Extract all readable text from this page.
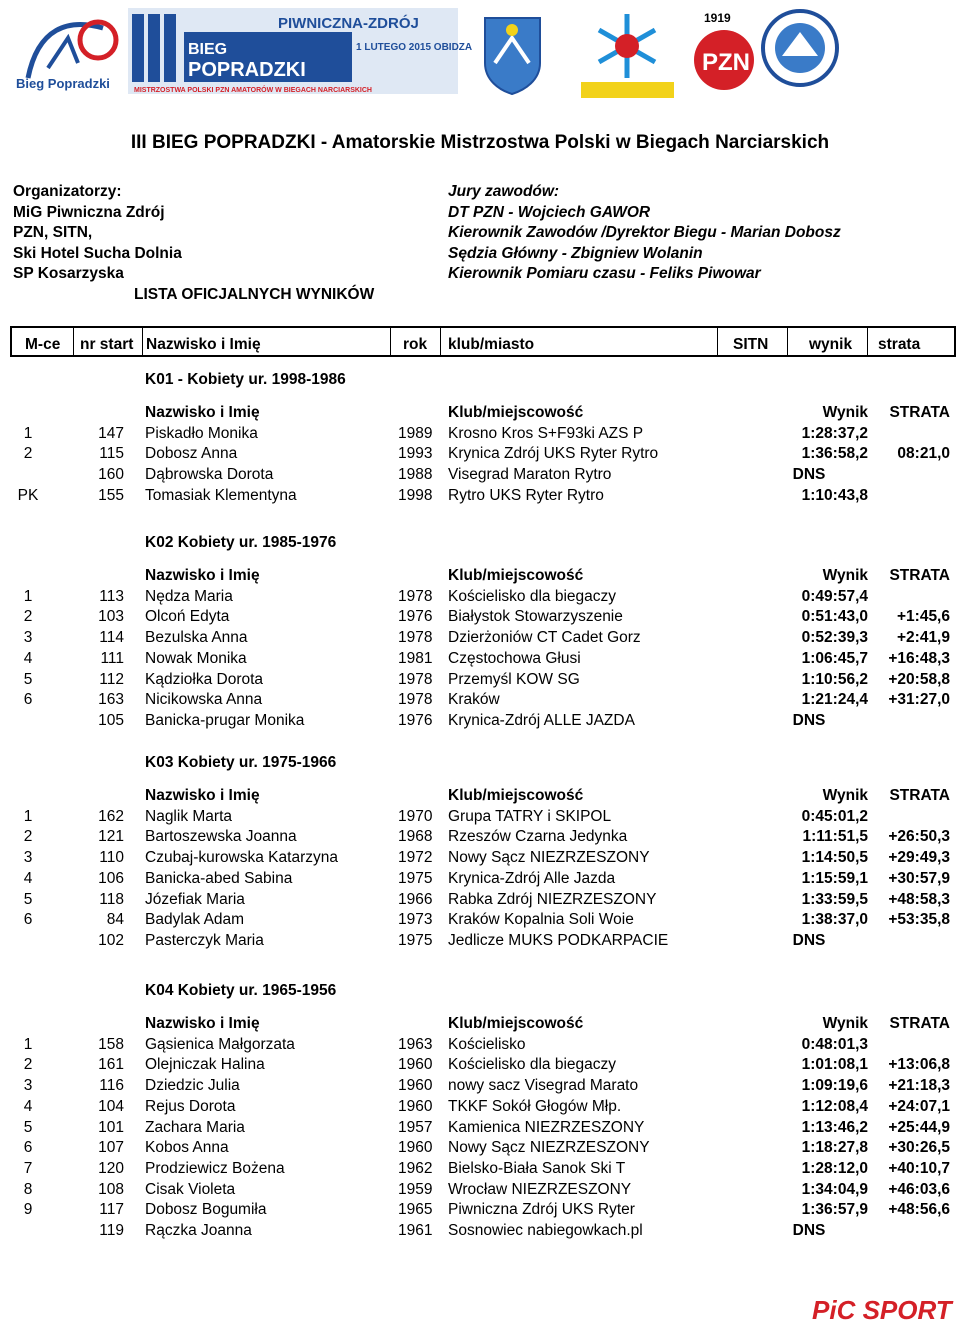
Bieg Popradzki
BIEG
POPRADZKI
PIWNICZNA-ZDRÓJ
1 LUTEGO 2015 OBIDZA
MISTRZOSTWA POLSKI PZN AMATORÓW W BIEGACH NARCIARSKICH
1919
PZN
III BIEG POPRADZKI - Amatorskie Mistrzostwa Polski w Biegach Narciarskich
Organizatorzy:
MiG Piwniczna Zdrój
PZN, SITN,
Ski Hotel Sucha Dolnia
SP Kosarzyska
Jury zawodów:
DT PZN - Wojciech GAWOR
Kierownik Zawodów /Dyrektor Biegu - Marian Dobosz
Sędzia Główny - Zbigniew Wolanin
Kierownik Pomiaru czasu - Feliks Piwowar
LISTA OFICJALNYCH WYNIKÓW
M-ce nr start Nazwisko i Imię	rok klub/miasto	SITN	wynik strata
K01 - Kobiety ur. 1998-1986
Nazwisko i Imię	Klub/miejscowość	Wynik	STRATA
1	147 Piskadło Monika	1989 Krosno Kros S+F93ki AZS P	1:28:37,2
2	115 Dobosz Anna	1993 Krynica Zdrój UKS Ryter Rytro	1:36:58,2	08:21,0
160 Dąbrowska Dorota	1988 Visegrad Maraton Rytro	DNS
PK	155 Tomasiak Klementyna	1998 Rytro UKS Ryter Rytro	1:10:43,8
K02 Kobiety ur. 1985-1976
Nazwisko i Imię	Klub/miejscowość	Wynik	STRATA
1	113 Nędza Maria	1978 Kościelisko dla biegaczy	0:49:57,4
2	103 Olcoń Edyta	1976 Białystok Stowarzyszenie	0:51:43,0	+1:45,6
3	114 Bezulska Anna	1978 Dzierżoniów CT Cadet Gorz	0:52:39,3	+2:41,9
4	111 Nowak Monika	1981 Częstochowa Głusi	1:06:45,7	+16:48,3
5	112 Kądziołka Dorota	1978 Przemyśl KOW SG	1:10:56,2	+20:58,8
6	163 Nicikowska Anna	1978 Kraków	1:21:24,4	+31:27,0
105 Banicka-prugar Monika	1976 Krynica-Zdrój ALLE JAZDA	DNS
K03 Kobiety ur. 1975-1966
Nazwisko i Imię	Klub/miejscowość	Wynik	STRATA
1	162 Naglik Marta	1970 Grupa TATRY i SKIPOL	0:45:01,2
2	121 Bartoszewska Joanna	1968 Rzeszów Czarna Jedynka	1:11:51,5	+26:50,3
3	110 Czubaj-kurowska Katarzyna	1972 Nowy Sącz NIEZRZESZONY	1:14:50,5	+29:49,3
4	106 Banicka-abed Sabina	1975 Krynica-Zdrój Alle Jazda	1:15:59,1	+30:57,9
5	118 Józefiak Maria	1966 Rabka Zdrój NIEZRZESZONY	1:33:59,5	+48:58,3
6	84 Badylak Adam	1973 Kraków Kopalnia Soli Woie	1:38:37,0	+53:35,8
102 Pasterczyk Maria	1975 Jedlicze MUKS PODKARPACIE	DNS
K04 Kobiety ur. 1965-1956
Nazwisko i Imię	Klub/miejscowość	Wynik	STRATA
1	158 Gąsienica Małgorzata	1963 Kościelisko	0:48:01,3
2	161 Olejniczak Halina	1960 Kościelisko dla biegaczy	1:01:08,1	+13:06,8
3	116 Dziedzic Julia	1960 nowy sacz Visegrad Marato	1:09:19,6	+21:18,3
4	104 Rejus Dorota	1960 TKKF Sokół Głogów Młp.	1:12:08,4	+24:07,1
5	101 Zachara Maria	1957 Kamienica NIEZRZESZONY	1:13:46,2	+25:44,9
6	107 Kobos Anna	1960 Nowy Sącz NIEZRZESZONY	1:18:27,8	+30:26,5
7	120 Prodziewicz Bożena	1962 Bielsko-Biała Sanok Ski T	1:28:12,0	+40:10,7
8	108 Cisak Violeta	1959 Wrocław NIEZRZESZONY	1:34:04,9	+46:03,6
9	117 Dobosz Bogumiła	1965 Piwniczna Zdrój UKS Ryter	1:36:57,9	+48:56,6
119 Rączka Joanna	1961 Sosnowiec nabiegowkach.pl	DNS
PiC SPORT
